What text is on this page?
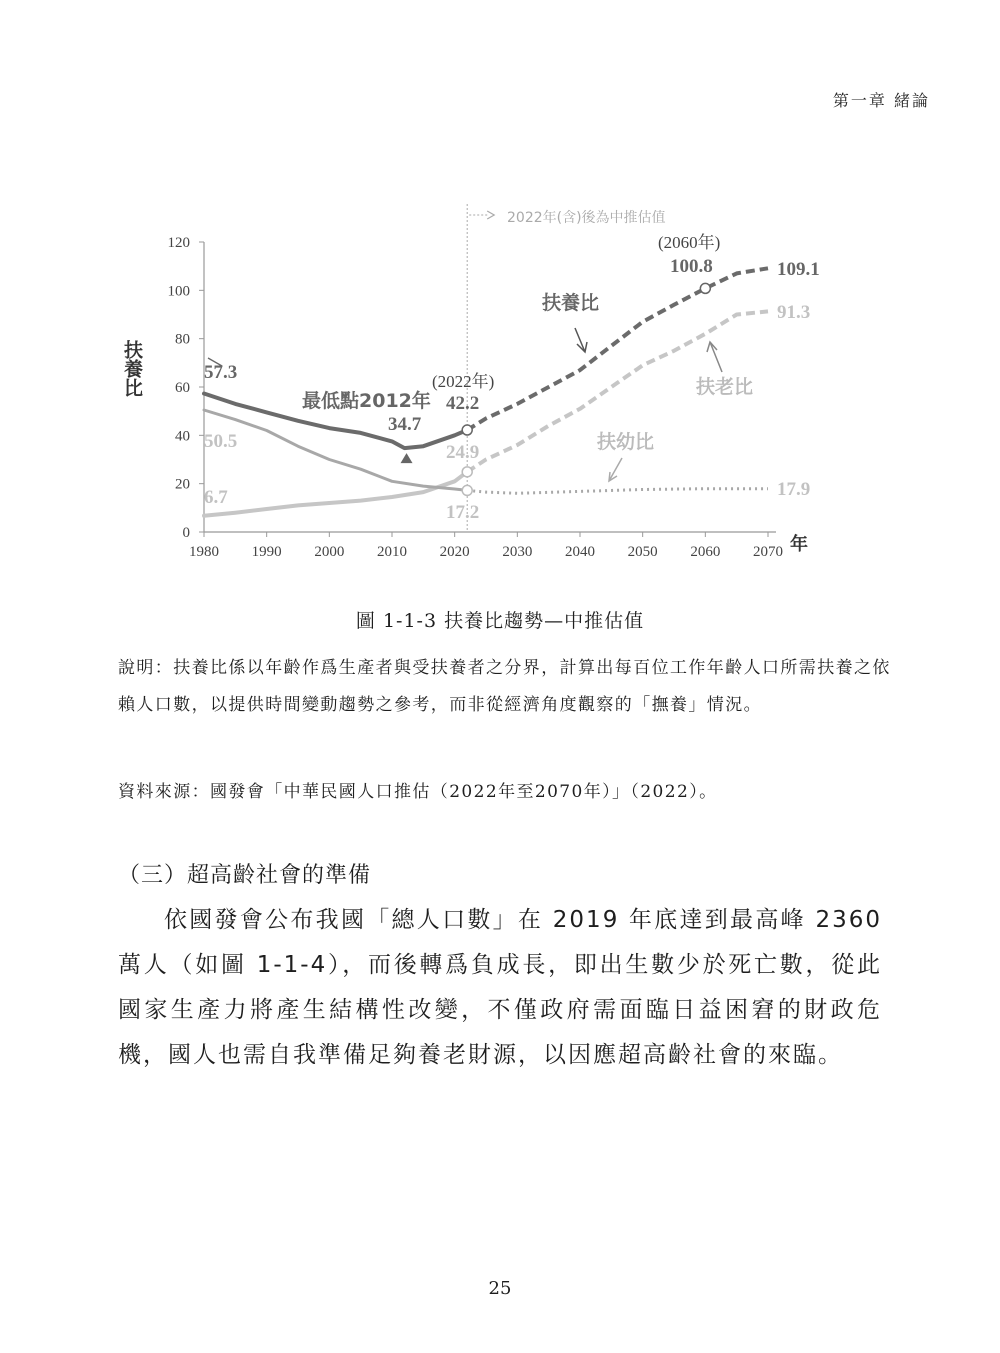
第一章 緒論
0
20
40
60
80
100
120
1980 1990 2000 2010 2020 2030 2040 2050 2060 2070
扶養比
年
2022年(含)後為中推估值
扶養比
扶老比
扶幼比
57.3
50.5
6.7
最低點2012年
34.7
(2022年)
42.2
24.9
17.2
(2060年)
100.8	109.1
91.3
17.9
圖 1-1-3 扶養比趨勢—中推估值
說明：扶養比係以年齡作爲生產者與受扶養者之分界，計算出每百位工作年齡人口所需扶養之依賴人口數，以提供時間變動趨勢之參考，而非從經濟角度觀察的「撫養」情況。
資料來源：國發會「中華民國人口推估（2022年至2070年）」（2022）。
（三）超高齡社會的準備
依國發會公布我國「總人口數」在 2019 年底達到最高峰 2360 萬人（如圖 1-1-4），而後轉爲負成長，即出生數少於死亡數，從此國家生產力將產生結構性改變，不僅政府需面臨日益困窘的財政危機，國人也需自我準備足夠養老財源，以因應超高齡社會的來臨。
25
